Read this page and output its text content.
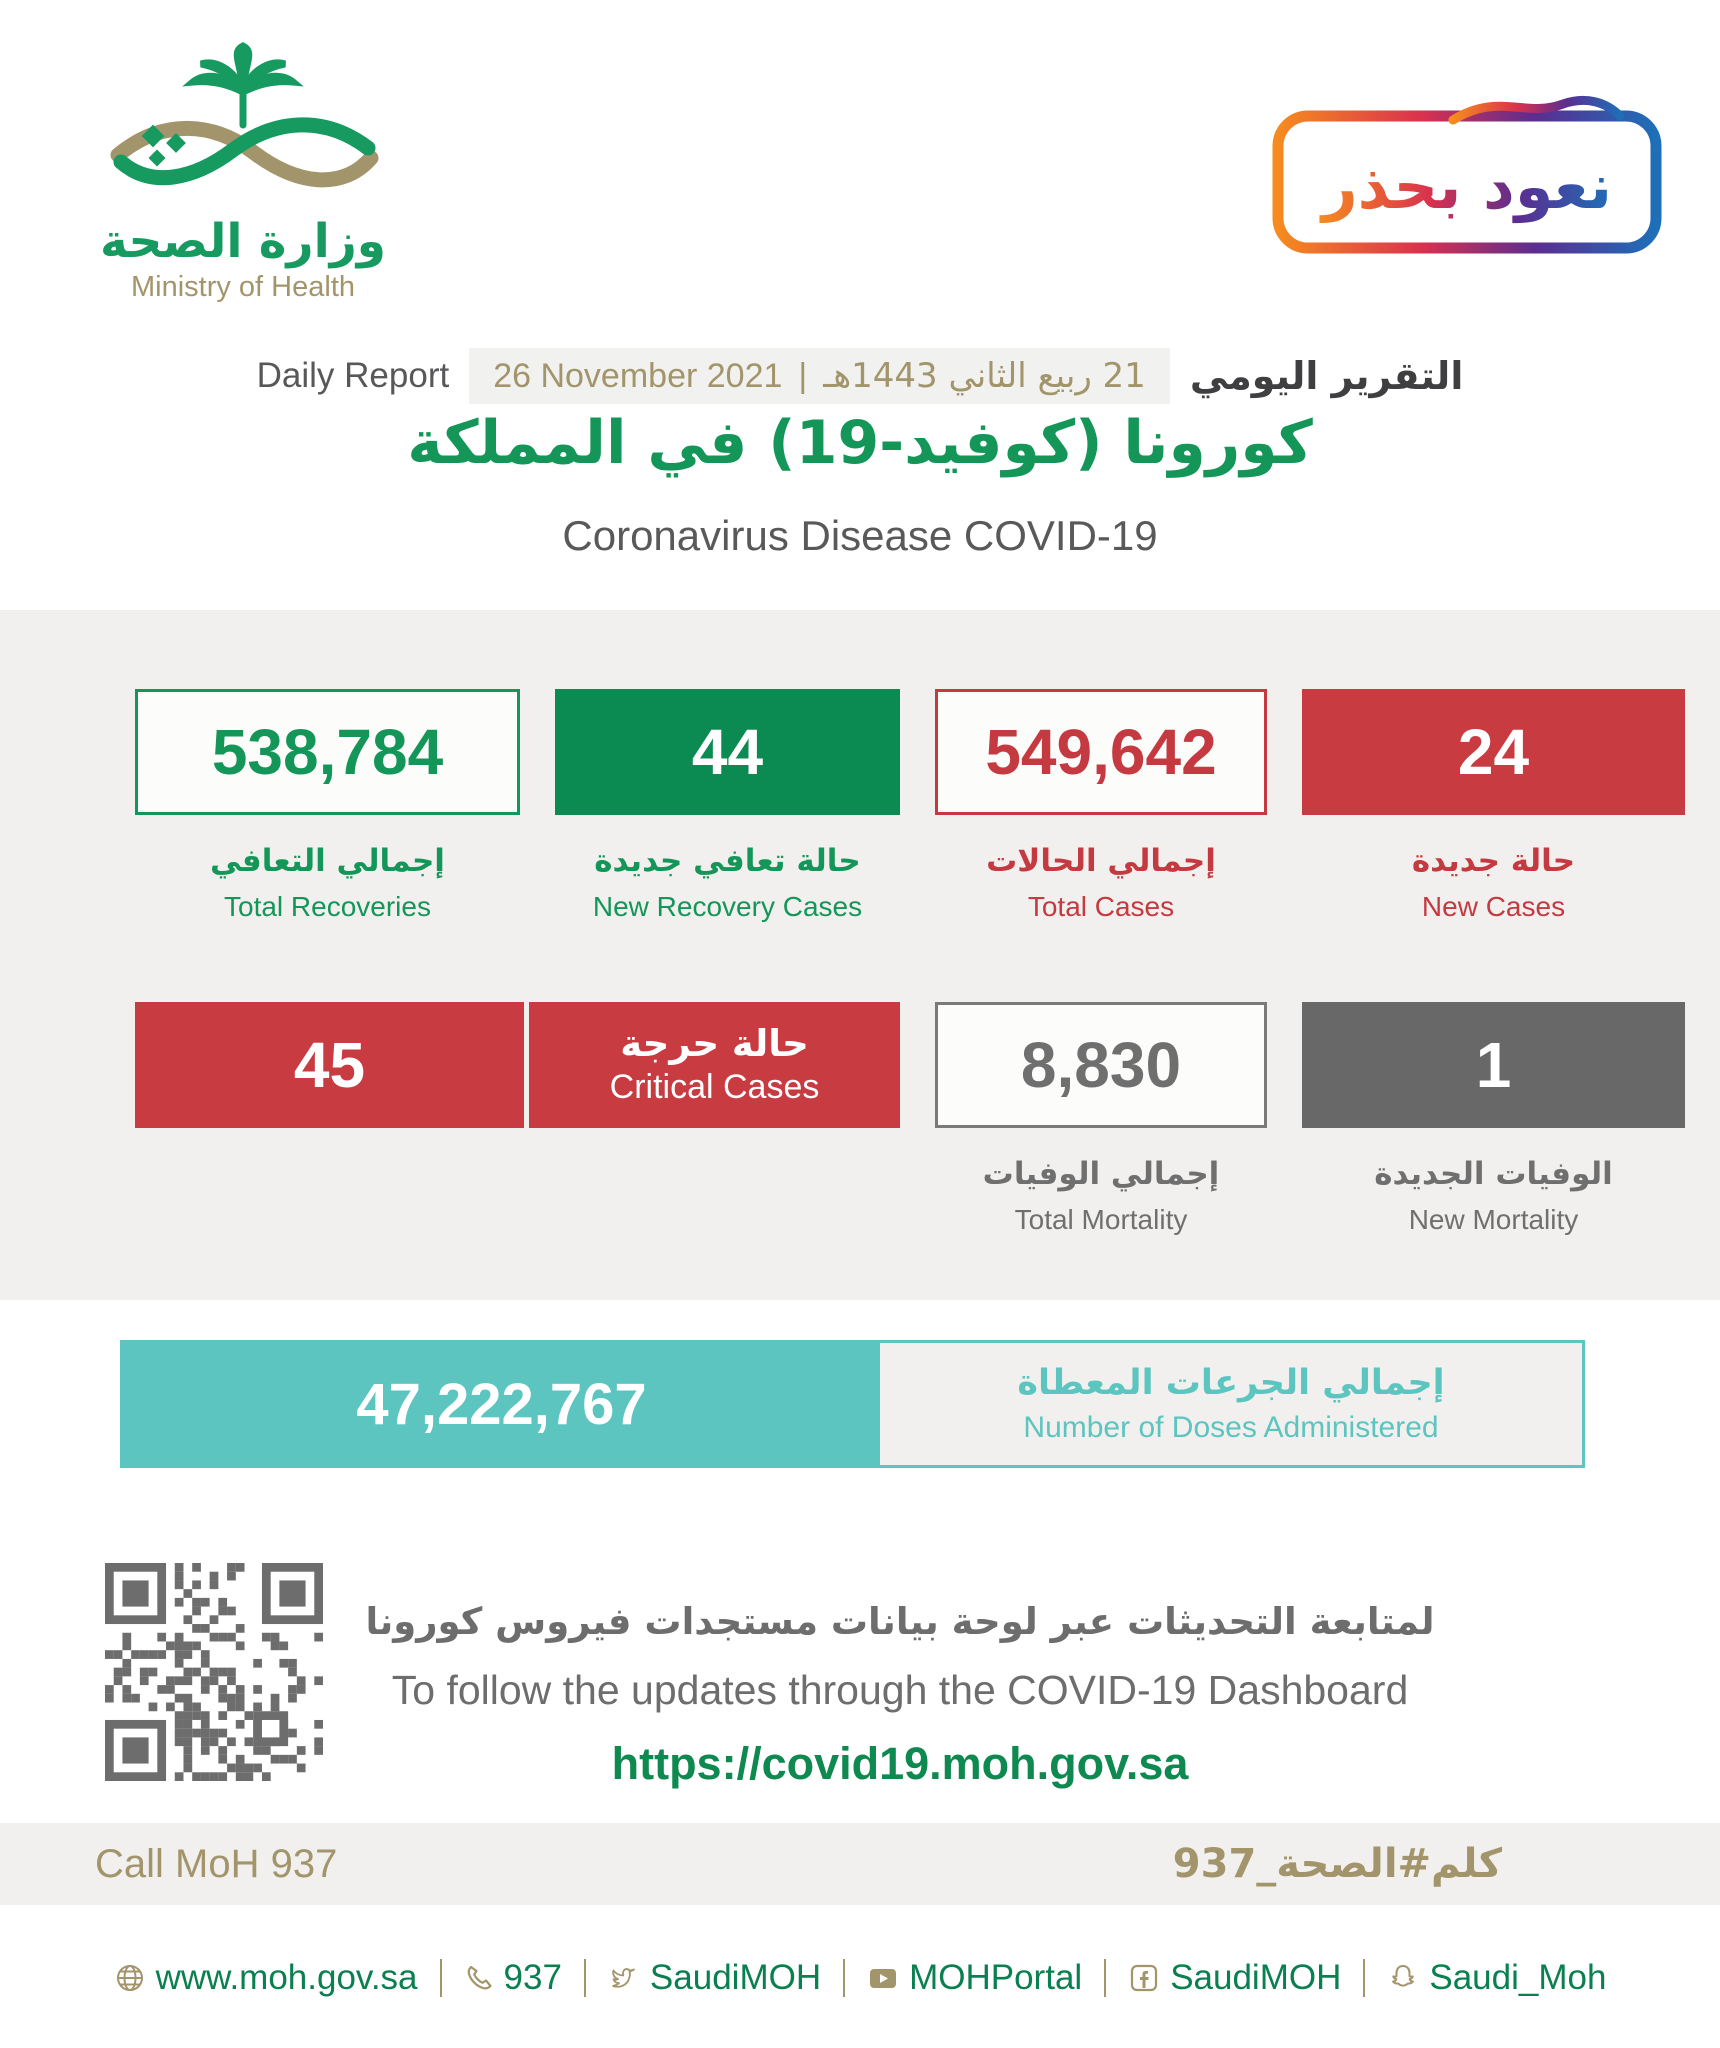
وزارة الصحة
Ministry of Health
نعود بحذر
Daily Report 26 November 2021 | 21 ربيع الثاني 1443هـ التقرير اليومي
كورونا (كوفيد-19) في المملكة
Coronavirus Disease COVID-19
538,784
إجمالي التعافي
Total Recoveries
44
حالة تعافي جديدة
New Recovery Cases
549,642
إجمالي الحالات
Total Cases
24
حالة جديدة
New Cases
45	حالة حرجة
Critical Cases	8,830
إجمالي الوفيات
Total Mortality
1
الوفيات الجديدة
New Mortality
47,222,767	إجمالي الجرعات المعطاة
Number of Doses Administered
لمتابعة التحديثات عبر لوحة بيانات مستجدات فيروس كورونا
To follow the updates through the COVID-19 Dashboard
https://covid19.moh.gov.sa
Call MoH 937	كلم#الصحة_937
www.moh.gov.sa 937	SaudiMOH	MOHPortal	SaudiMOH	Saudi_Moh
